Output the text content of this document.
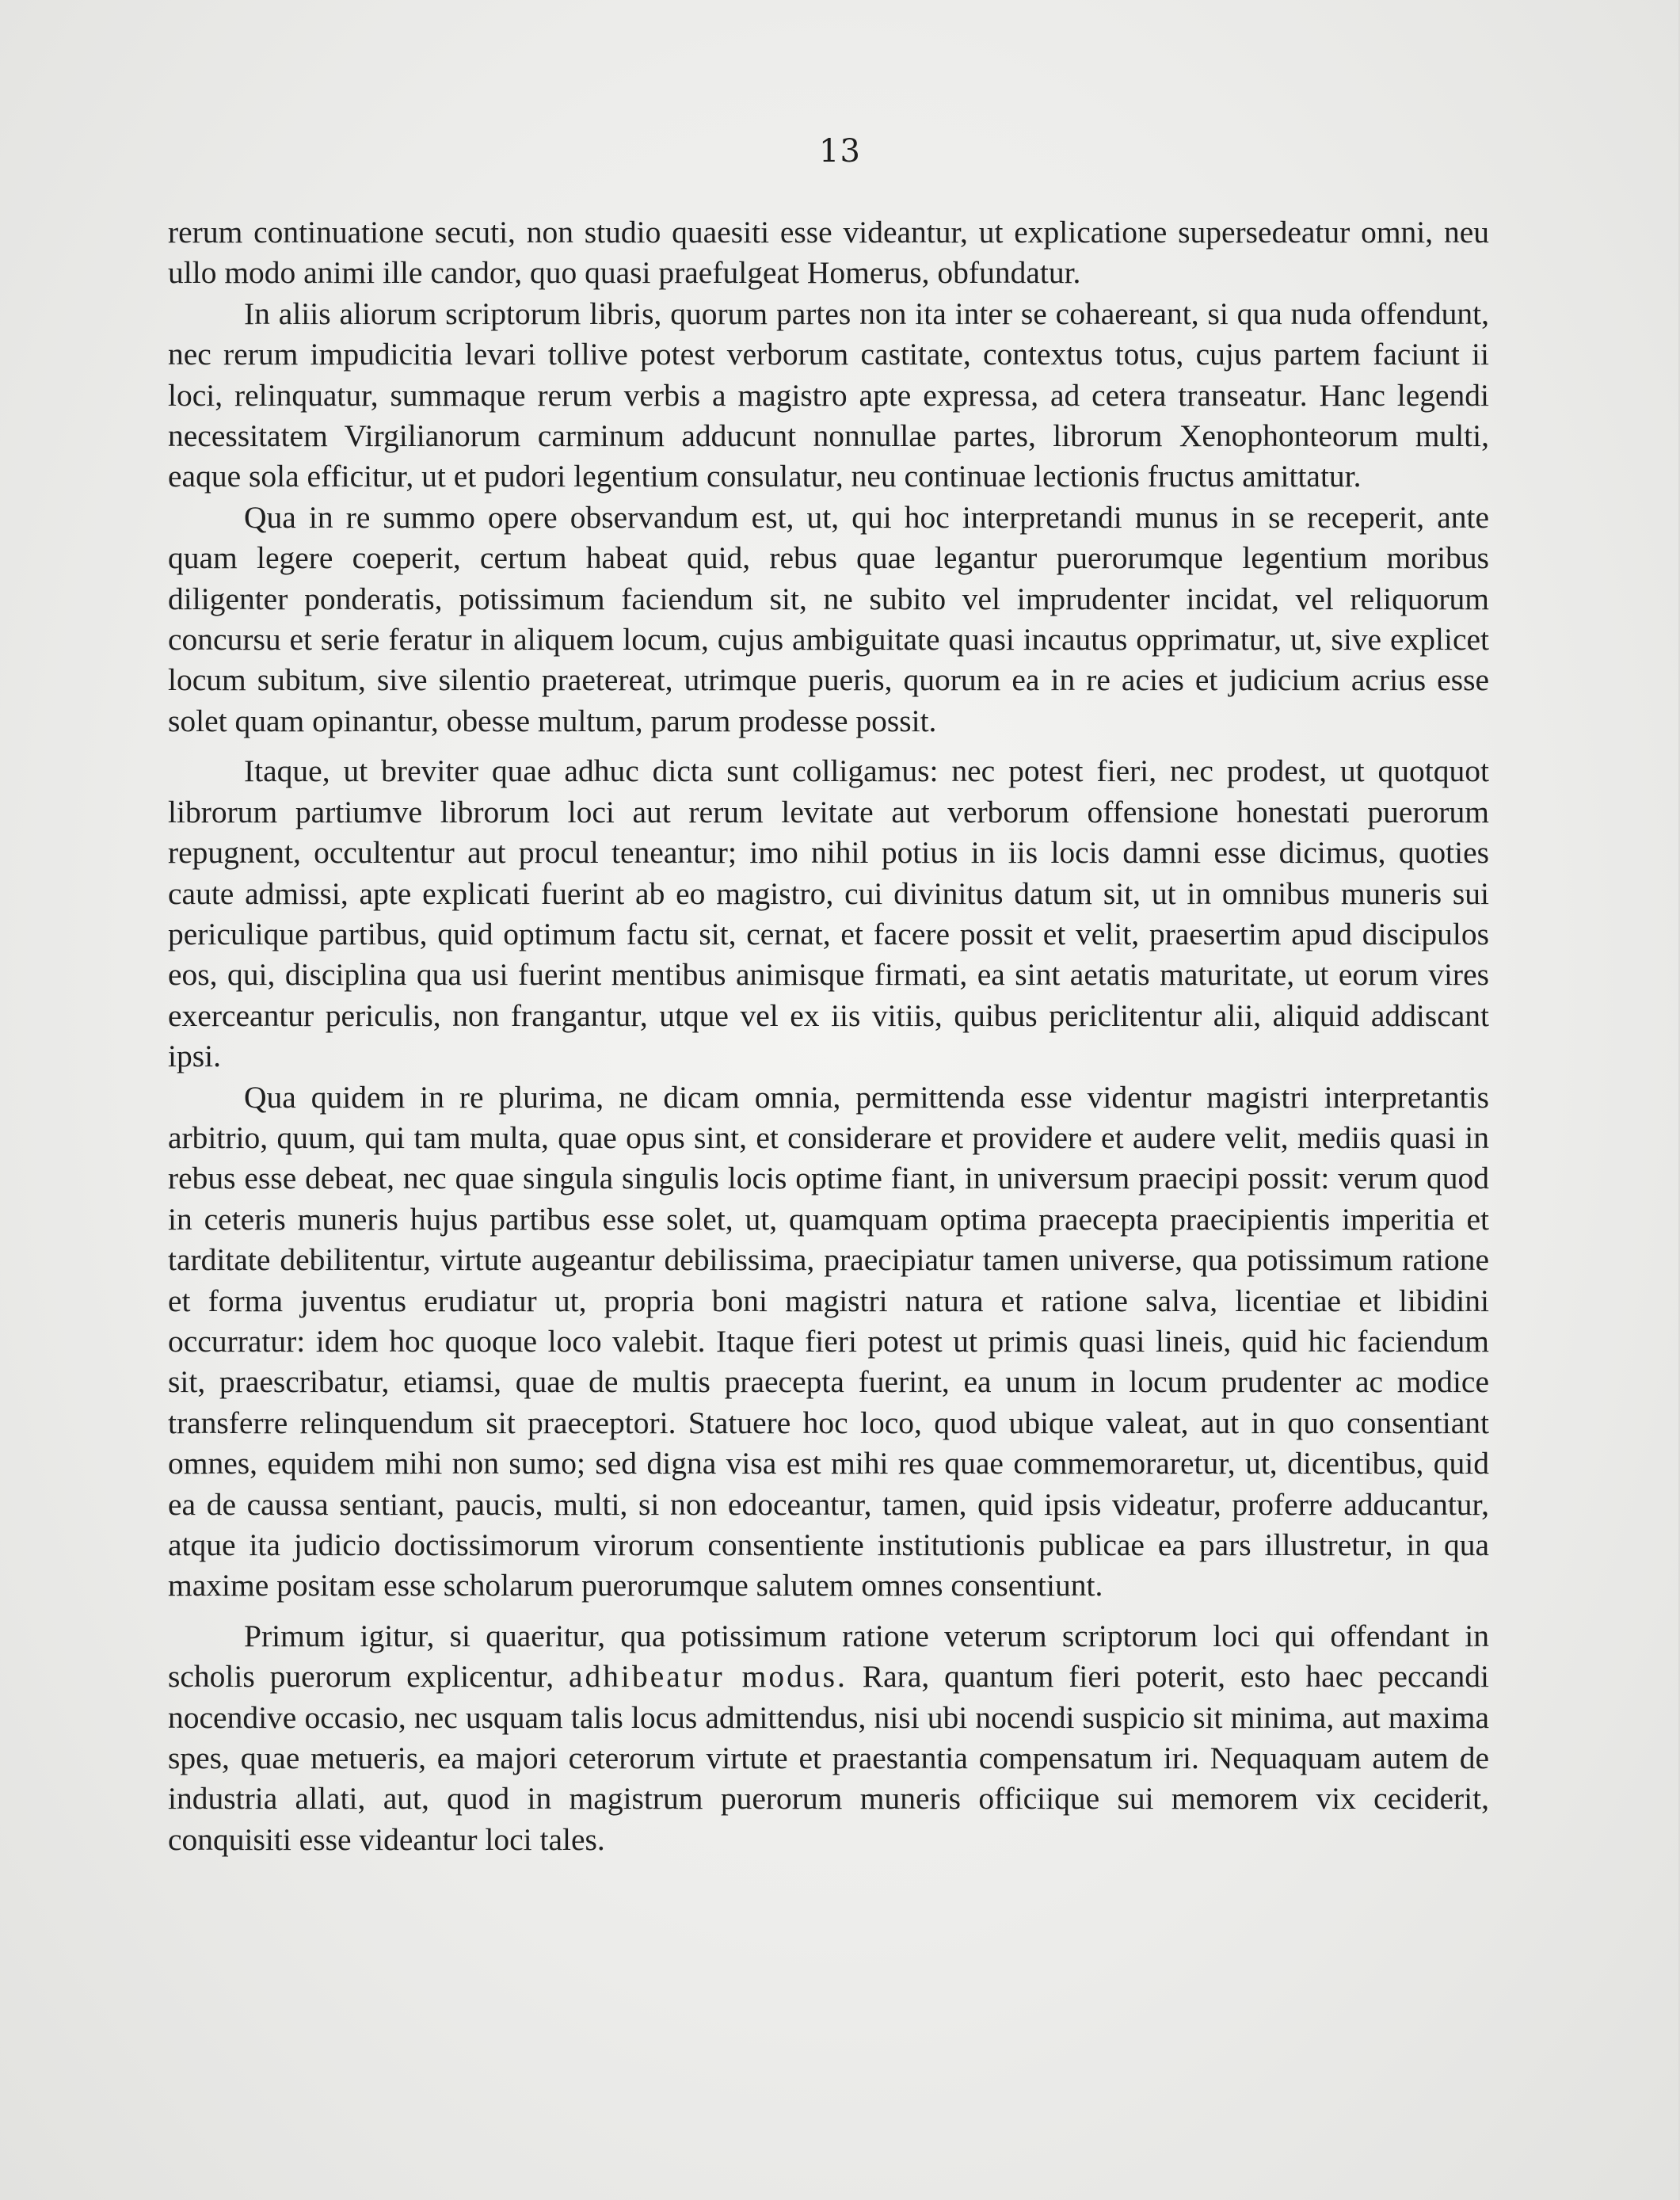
13

rerum continuatione secuti, non studio quaesiti esse videantur, ut explicatione supersedeatur omni, neu ullo modo animi ille candor, quo quasi praefulgeat Homerus, obfundatur.

In aliis aliorum scriptorum libris, quorum partes non ita inter se cohaereant, si qua nuda offendunt, nec rerum impudicitia levari tollive potest verborum castitate, contextus totus, cujus partem faciunt ii loci, relinquatur, summaque rerum verbis a magistro apte expressa, ad cetera transeatur. Hanc legendi necessitatem Virgilianorum carminum adducunt nonnullae partes, librorum Xenophonteorum multi, eaque sola efficitur, ut et pudori legentium consulatur, neu continuae lectionis fructus amittatur.

Qua in re summo opere observandum est, ut, qui hoc interpretandi munus in se receperit, ante quam legere coeperit, certum habeat quid, rebus quae legantur puerorumque legentium moribus diligenter ponderatis, potissimum faciendum sit, ne subito vel imprudenter incidat, vel reliquorum concursu et serie feratur in aliquem locum, cujus ambiguitate quasi incautus opprimatur, ut, sive explicet locum subitum, sive silentio praetereat, utrimque pueris, quorum ea in re acies et judicium acrius esse solet quam opinantur, obesse multum, parum prodesse possit.

Itaque, ut breviter quae adhuc dicta sunt colligamus: nec potest fieri, nec prodest, ut quotquot librorum partiumve librorum loci aut rerum levitate aut verborum offensione honestati puerorum repugnent, occultentur aut procul teneantur; imo nihil potius in iis locis damni esse dicimus, quoties caute admissi, apte explicati fuerint ab eo magistro, cui divinitus datum sit, ut in omnibus muneris sui periculique partibus, quid optimum factu sit, cernat, et facere possit et velit, praesertim apud discipulos eos, qui, disciplina qua usi fuerint mentibus animisque firmati, ea sint aetatis maturitate, ut eorum vires exerceantur periculis, non frangantur, utque vel ex iis vitiis, quibus periclitentur alii, aliquid addiscant ipsi.

Qua quidem in re plurima, ne dicam omnia, permittenda esse videntur magistri interpretantis arbitrio, quum, qui tam multa, quae opus sint, et considerare et providere et audere velit, mediis quasi in rebus esse debeat, nec quae singula singulis locis optime fiant, in universum praecipi possit: verum quod in ceteris muneris hujus partibus esse solet, ut, quamquam optima praecepta praecipientis imperitia et tarditate debilitentur, virtute augeantur debilissima, praecipiatur tamen universe, qua potissimum ratione et forma juventus erudiatur ut, propria boni magistri natura et ratione salva, licentiae et libidini occurratur: idem hoc quoque loco valebit. Itaque fieri potest ut primis quasi lineis, quid hic faciendum sit, praescribatur, etiamsi, quae de multis praecepta fuerint, ea unum in locum prudenter ac modice transferre relinquendum sit praeceptori. Statuere hoc loco, quod ubique valeat, aut in quo consentiant omnes, equidem mihi non sumo; sed digna visa est mihi res quae commemoraretur, ut, dicentibus, quid ea de caussa sentiant, paucis, multi, si non edoceantur, tamen, quid ipsis videatur, proferre adducantur, atque ita judicio doctissimorum virorum consentiente institutionis publicae ea pars illustretur, in qua maxime positam esse scholarum puerorumque salutem omnes consentiunt.

Primum igitur, si quaeritur, qua potissimum ratione veterum scriptorum loci qui offendant in scholis puerorum explicentur, adhibeatur modus. Rara, quantum fieri poterit, esto haec peccandi nocendive occasio, nec usquam talis locus admittendus, nisi ubi nocendi suspicio sit minima, aut maxima spes, quae metueris, ea majori ceterorum virtute et praestantia compensatum iri. Nequaquam autem de industria allati, aut, quod in magistrum puerorum muneris officiique sui memorem vix ceciderit, conquisiti esse videantur loci tales.
